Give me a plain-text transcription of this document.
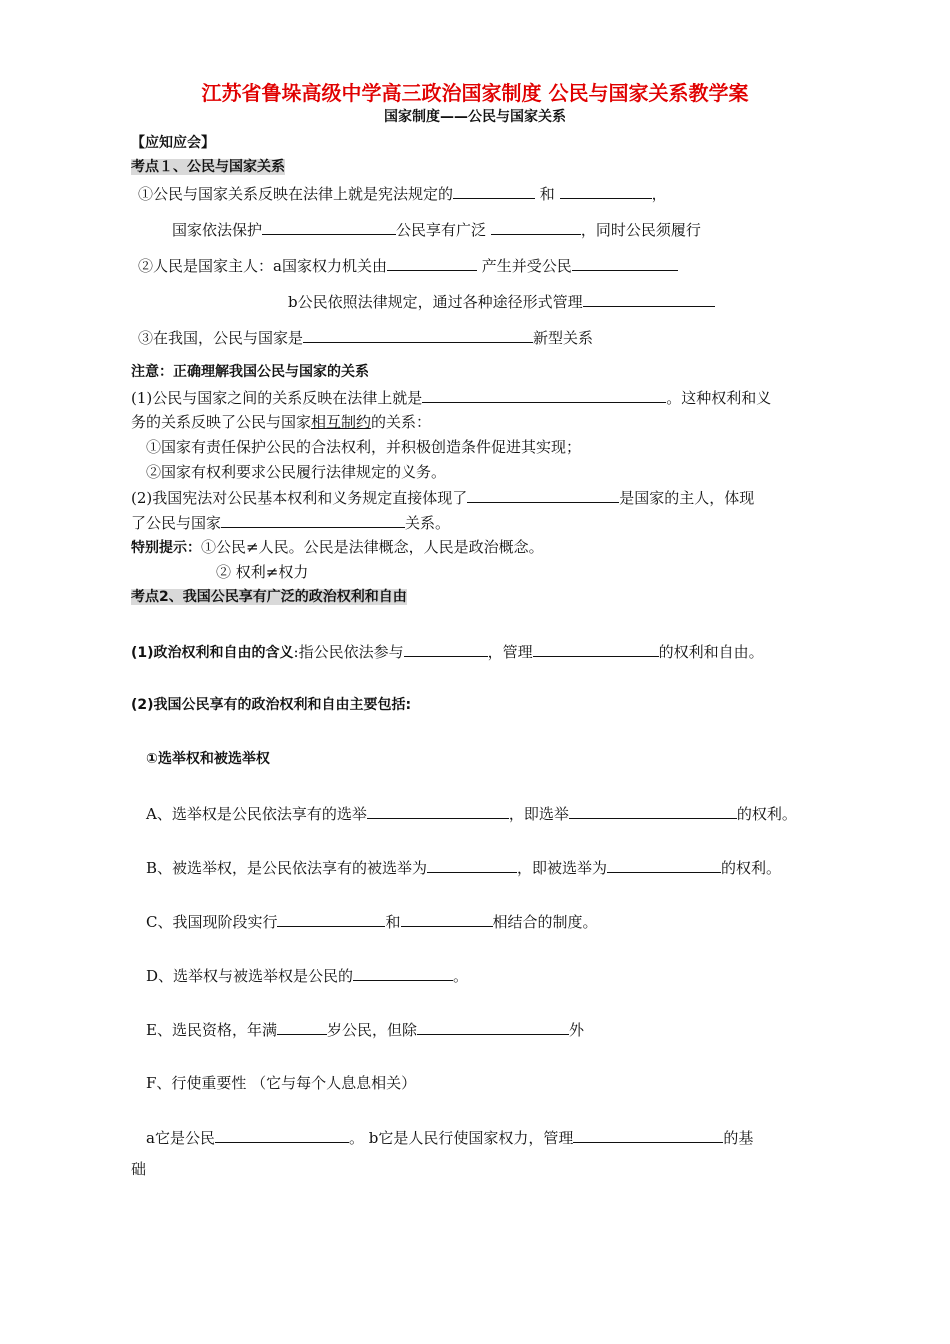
江苏省鲁垛高级中学高三政治国家制度 公民与国家关系教学案
国家制度——公民与国家关系
【应知应会】
考点１、公民与国家关系
①公民与国家关系反映在法律上就是宪法规定的	和	，
国家依法保护	公民享有广泛	，同时公民须履行
②人民是国家主人：a国家权力机关由	产生并受公民
b公民依照法律规定，通过各种途径形式管理
③在我国，公民与国家是	新型关系
注意：正确理解我国公民与国家的关系
(1)公民与国家之间的关系反映在法律上就是	。这种权利和义
务的关系反映了公民与国家相互制约的关系：
①国家有责任保护公民的合法权利，并积极创造条件促进其实现；
②国家有权利要求公民履行法律规定的义务。
(2)我国宪法对公民基本权利和义务规定直接体现了	是国家的主人，体现
了公民与国家	关系。
特别提示：①公民≠人民。公民是法律概念，人民是政治概念。
② 权利≠权力
考点2、我国公民享有广泛的政治权利和自由
(1)政治权利和自由的含义:指公民依法参与	，管理	的权利和自由。
(2)我国公民享有的政治权利和自由主要包括:
①选举权和被选举权
A、选举权是公民依法享有的选举	，即选举	的权利。
B、被选举权，是公民依法享有的被选举为	，即被选举为	的权利。
C、我国现阶段实行	和	相结合的制度。
D、选举权与被选举权是公民的	。
E、选民资格，年满	岁公民，但除	外
F、行使重要性 （它与每个人息息相关）
a它是公民	。 b它是人民行使国家权力，管理	的基
础
